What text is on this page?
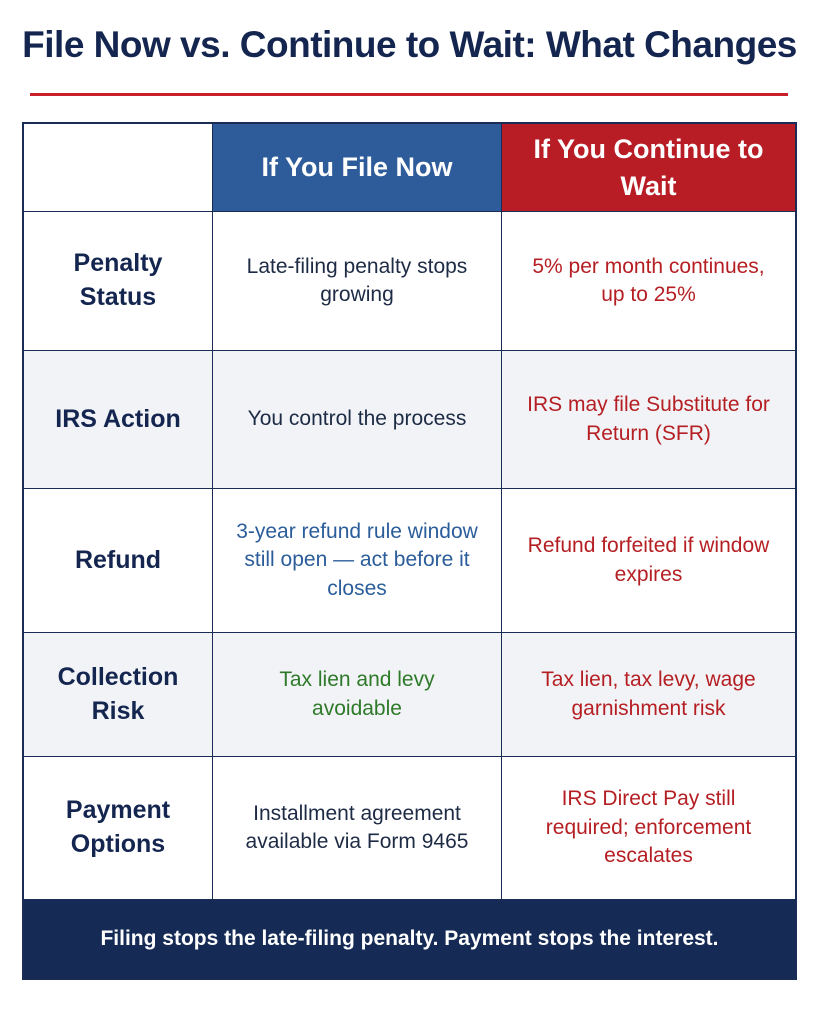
File Now vs. Continue to Wait: What Changes
If You File Now
If You Continue to Wait
Penalty Status
Late-filing penalty stops growing
5% per month continues, up to 25%
IRS Action	You control the process
IRS may file Substitute for Return (SFR)
Refund
3-year refund rule window still open — act before it closes
Refund forfeited if window expires
Collection Risk
Tax lien and levy avoidable
Tax lien, tax levy, wage garnishment risk
Payment Options
Installment agreement available via Form 9465
IRS Direct Pay still required; enforcement escalates
Filing stops the late-filing penalty. Payment stops the interest.
